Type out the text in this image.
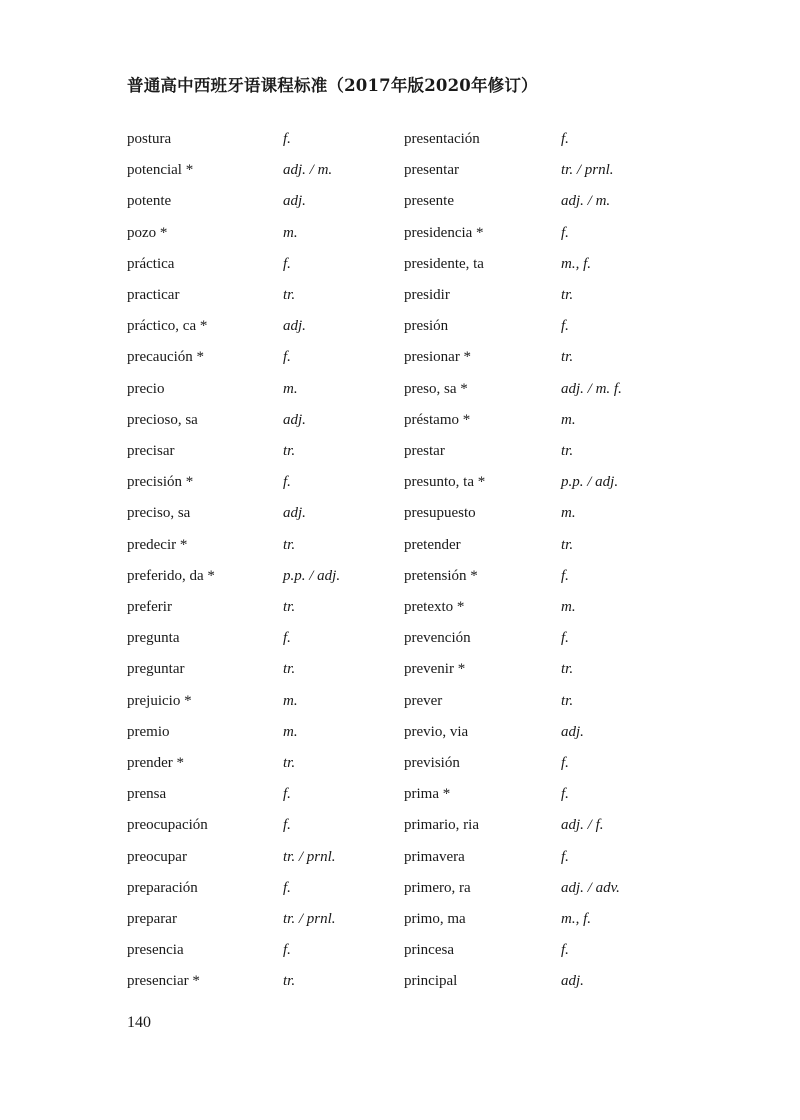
普通高中西班牙语课程标准（2017年版2020年修订）
postura	f.
potencial *	adj. / m.
potente	adj.
pozo *	m.
práctica	f.
practicar	tr.
práctico, ca *	adj.
precaución *	f.
precio	m.
precioso, sa	adj.
precisar	tr.
precisión *	f.
preciso, sa	adj.
predecir *	tr.
preferido, da *	p.p. / adj.
preferir	tr.
pregunta	f.
preguntar	tr.
prejuicio *	m.
premio	m.
prender *	tr.
prensa	f.
preocupación	f.
preocupar	tr. / prnl.
preparación	f.
preparar	tr. / prnl.
presencia	f.
presenciar *	tr.
presentación	f.
presentar	tr. / prnl.
presente	adj. / m.
presidencia *	f.
presidente, ta	m., f.
presidir	tr.
presión	f.
presionar *	tr.
preso, sa *	adj. / m. f.
préstamo *	m.
prestar	tr.
presunto, ta *	p.p. / adj.
presupuesto	m.
pretender	tr.
pretensión *	f.
pretexto *	m.
prevención	f.
prevenir *	tr.
prever	tr.
previo, via	adj.
previsión	f.
prima *	f.
primario, ria	adj. / f.
primavera	f.
primero, ra	adj. / adv.
primo, ma	m., f.
princesa	f.
principal	adj.
140
